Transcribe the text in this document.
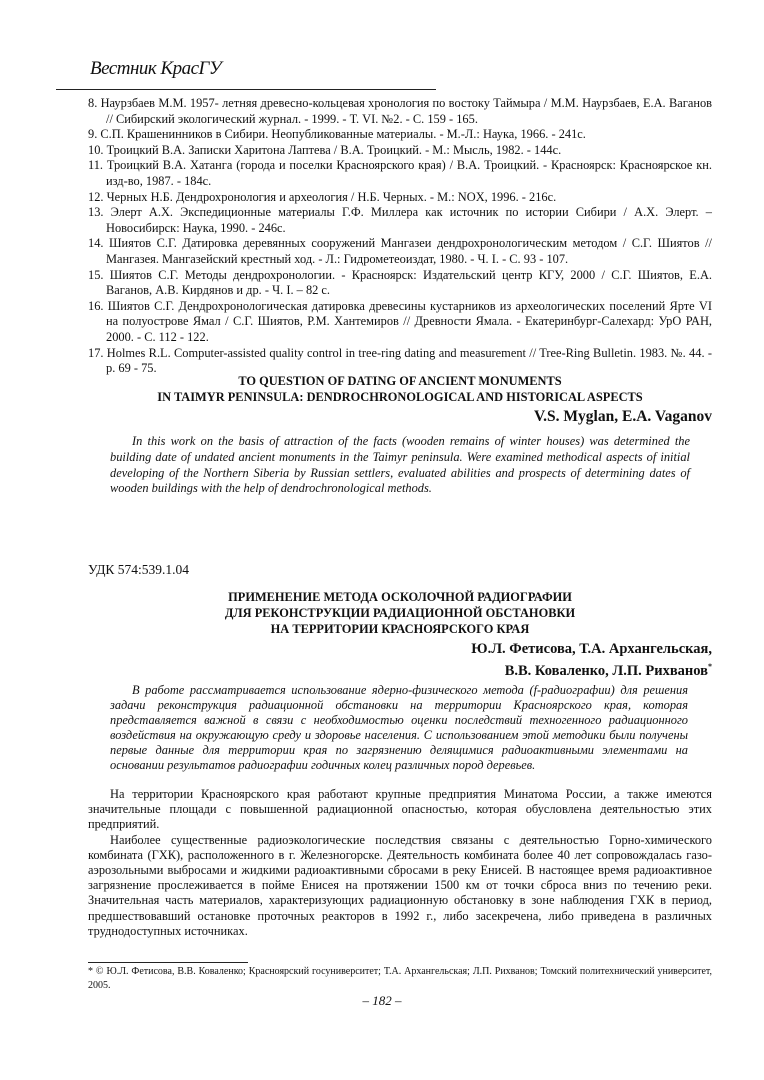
Вестник КрасГУ
8. Наурзбаев М.М. 1957- летняя древесно-кольцевая хронология по востоку Таймыра / М.М. Наурзбаев, Е.А. Ваганов // Сибирский экологический журнал. - 1999. - Т. VI. №2. - С. 159 - 165.
9. С.П. Крашенинников в Сибири. Неопубликованные материалы. - М.-Л.: Наука, 1966. - 241с.
10. Троицкий В.А. Записки Харитона Лаптева / В.А. Троицкий. - М.: Мысль, 1982. - 144с.
11. Троицкий В.А. Хатанга (города и поселки Красноярского края) / В.А. Троицкий. - Красноярск: Красноярское кн. изд-во, 1987. - 184с.
12. Черных Н.Б. Дендрохронология и археология / Н.Б. Черных. - М.: NOX, 1996. - 216с.
13. Элерт А.Х. Экспедиционные материалы Г.Ф. Миллера как источник по истории Сибири / А.Х. Элерт. – Новосибирск: Наука, 1990. - 246с.
14. Шиятов С.Г. Датировка деревянных сооружений Мангазеи дендрохронологическим методом / С.Г. Шиятов // Мангазея. Мангазейский крестный ход. - Л.: Гидрометеоиздат, 1980. - Ч. I. - С. 93 - 107.
15. Шиятов С.Г. Методы дендрохронологии. - Красноярск: Издательский центр КГУ, 2000 / С.Г. Шиятов, Е.А. Ваганов, А.В. Кирдянов и др. - Ч. I. – 82 с.
16. Шиятов С.Г. Дендрохронологическая датировка древесины кустарников из археологических поселений Ярте VI на полуострове Ямал / С.Г. Шиятов, Р.М. Хантемиров // Древности Ямала. - Екатеринбург-Салехард: УрО РАН, 2000. - С. 112 - 122.
17. Holmes R.L. Computer-assisted quality control in tree-ring dating and measurement // Tree-Ring Bulletin. 1983. №. 44. - p. 69 - 75.
TO QUESTION OF DATING OF ANCIENT MONUMENTS
IN TAIMYR PENINSULA: DENDROCHRONOLOGICAL AND HISTORICAL ASPECTS
V.S. Myglan, E.A. Vaganov
In this work on the basis of attraction of the facts (wooden remains of winter houses) was determined the building date of undated ancient monuments in the Taimyr peninsula. Were examined methodical aspects of initial developing of the Northern Siberia by Russian settlers, evaluated abilities and prospects of determining dates of wooden buildings with the help of dendrochronological methods.
УДК 574:539.1.04
ПРИМЕНЕНИЕ МЕТОДА ОСКОЛОЧНОЙ РАДИОГРАФИИ
ДЛЯ РЕКОНСТРУКЦИИ РАДИАЦИОННОЙ ОБСТАНОВКИ
НА ТЕРРИТОРИИ КРАСНОЯРСКОГО КРАЯ
Ю.Л. Фетисова, Т.А. Архангельская,
В.В. Коваленко, Л.П. Рихванов*
В работе рассматривается использование ядерно-физического метода (f-радиографии) для решения задачи реконструкция радиационной обстановки на территории Красноярского края, которая представляется важной в связи с необходимостью оценки последствий техногенного радиационного воздействия на окружающую среду и здоровье населения. С использованием этой методики были получены первые данные для территории края по загрязнению делящимися радиоактивными элементами на основании результатов радиографии годичных колец различных пород деревьев.

На территории Красноярского края работают крупные предприятия Минатома России, а также имеются значительные площади с повышенной радиационной опасностью, которая обусловлена деятельностью этих предприятий.

Наиболее существенные радиоэкологические последствия связаны с деятельностью Горно-химического комбината (ГХК), расположенного в г. Железногорске. Деятельность комбината более 40 лет сопровождалась газо-аэрозольными выбросами и жидкими радиоактивными сбросами в реку Енисей. В настоящее время радиоактивное загрязнение прослеживается в пойме Енисея на протяжении 1500 км от точки сброса вниз по течению реки. Значительная часть материалов, характеризующих радиационную обстановку в зоне наблюдения ГХК в период, предшествовавший остановке проточных реакторов в 1992 г., либо засекречена, либо приведена в различных труднодоступных источниках.

* © Ю.Л. Фетисова, В.В. Коваленко; Красноярский госуниверситет; Т.А. Архангельская; Л.П. Рихванов; Томский политехнический университет, 2005.
– 182 –
